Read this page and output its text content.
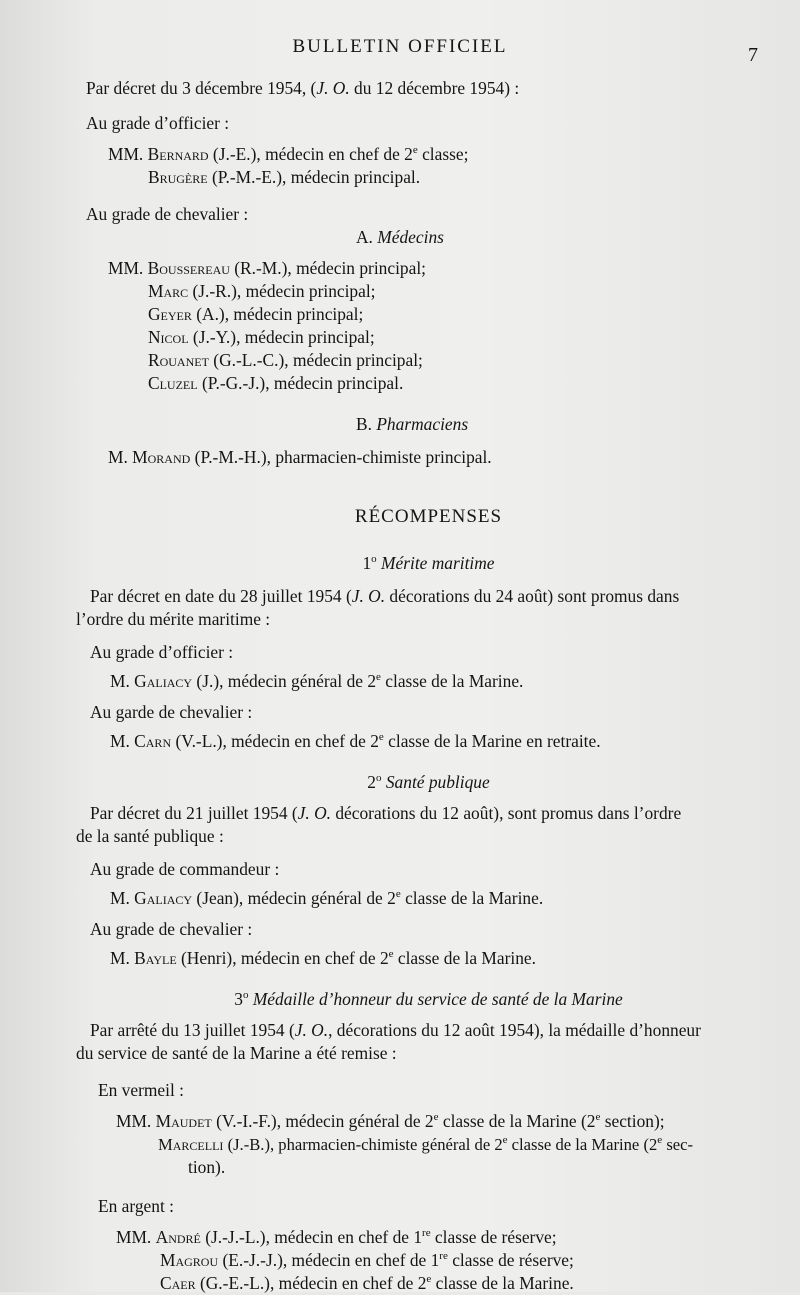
BULLETIN OFFICIEL	7

Par décret du 3 décembre 1954, (J. O. du 12 décembre 1954) :

Au grade d’officier :

MM. Bernard (J.-E.), médecin en chef de 2e classe;

Brugère (P.-M.-E.), médecin principal.

Au grade de chevalier :

A. Médecins

MM. Boussereau (R.-M.), médecin principal;

Marc (J.-R.), médecin principal;

Geyer (A.), médecin principal;

Nicol (J.-Y.), médecin principal;

Rouanet (G.-L.-C.), médecin principal;

Cluzel (P.-G.-J.), médecin principal.

B. Pharmaciens

M. Morand (P.-M.-H.), pharmacien-chimiste principal.

RÉCOMPENSES

1$^o$ Mérite maritime

Par décret en date du 28 juillet 1954 (J. O. décorations du 24 août) sont promus dans

l’ordre du mérite maritime :

Au grade d’officier :

M. Galiacy (J.), médecin général de 2e classe de la Marine.

Au garde de chevalier :

M. Carn (V.-L.), médecin en chef de 2e classe de la Marine en retraite.

2$^o$ Santé publique

Par décret du 21 juillet 1954 (J. O. décorations du 12 août), sont promus dans l’ordre

de la santé publique :

Au grade de commandeur :

M. Galiacy (Jean), médecin général de 2e classe de la Marine.

Au grade de chevalier :

M. Bayle (Henri), médecin en chef de 2e classe de la Marine.

3$^o$ Médaille d’honneur du service de santé de la Marine

Par arrêté du 13 juillet 1954 (J. O., décorations du 12 août 1954), la médaille d’honneur

du service de santé de la Marine a été remise :

En vermeil :

MM. Maudet (V.-I.-F.), médecin général de 2e classe de la Marine (2e section);

Marcelli (J.-B.), pharmacien-chimiste général de 2e classe de la Marine (2e sec-

tion).

En argent :

MM. André (J.-J.-L.), médecin en chef de 1re classe de réserve;

Magrou (E.-J.-J.), médecin en chef de 1re classe de réserve;

Caer (G.-E.-L.), médecin en chef de 2e classe de la Marine.
